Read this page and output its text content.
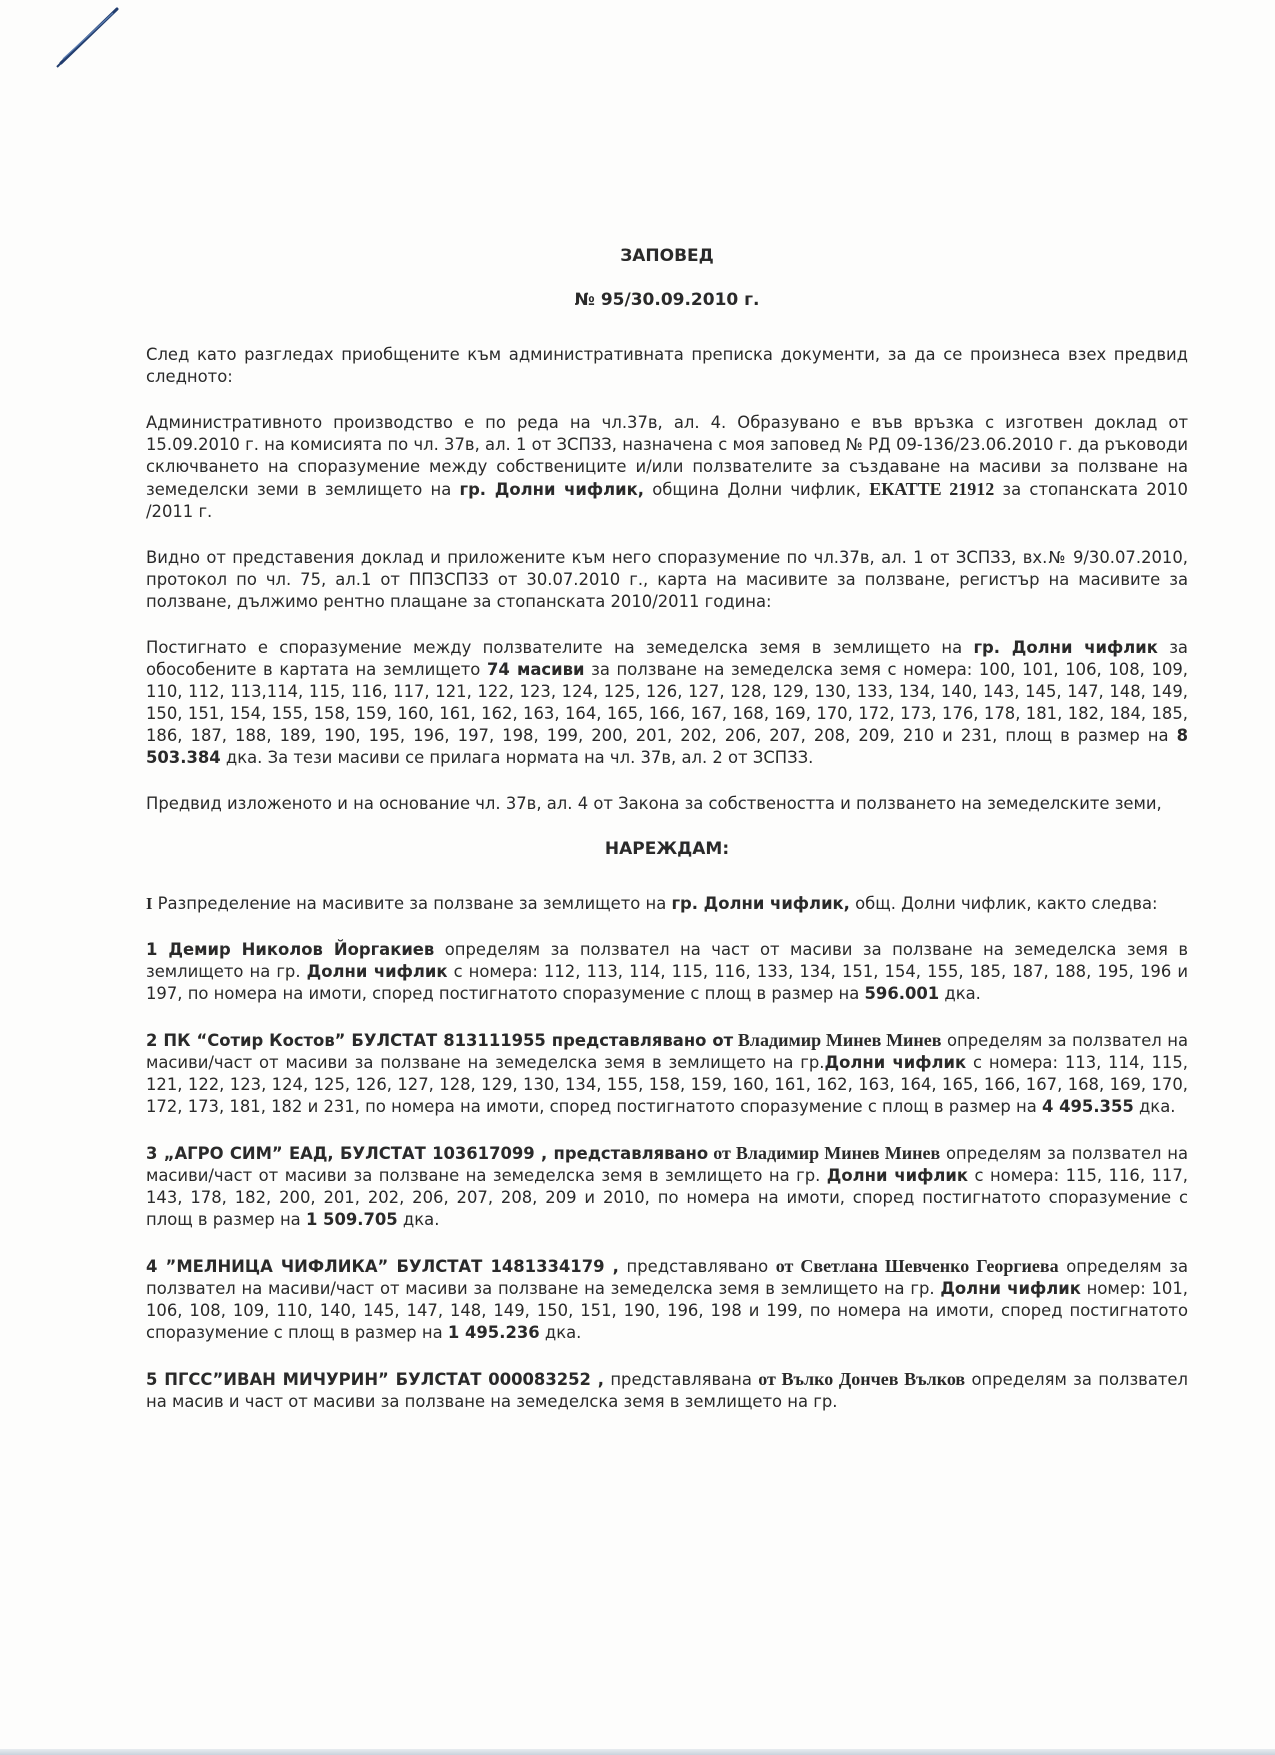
ЗАПОВЕД
№ 95/30.09.2010 г.

След като разгледах приобщените към административната преписка документи, за да се произнеса взех предвид следното:

Административното производство е по реда на чл.37в, ал. 4. Образувано е във връзка с изготвен доклад от 15.09.2010 г. на комисията по чл. 37в, ал. 1 от ЗСПЗЗ, назначена с моя заповед № РД 09-136/23.06.2010 г. да ръководи сключването на споразумение между собствениците и/или ползвателите за създаване на масиви за ползване на земеделски земи в землището на гр. Долни чифлик, община Долни чифлик, ЕКАТТЕ 21912 за стопанската 2010 /2011 г.

Видно от представения доклад и приложените към него споразумение по чл.37в, ал. 1 от ЗСПЗЗ, вх.№ 9/30.07.2010, протокол по чл. 75, ал.1 от ППЗСПЗЗ от 30.07.2010 г., карта на масивите за ползване, регистър на масивите за ползване, дължимо рентно плащане за стопанската 2010/2011 година:

Постигнато е споразумение между ползвателите на земеделска земя в землището на гр. Долни чифлик за обособените в картата на землището 74 масиви за ползване на земеделска земя с номера: 100, 101, 106, 108, 109, 110, 112, 113,114, 115, 116, 117, 121, 122, 123, 124, 125, 126, 127, 128, 129, 130, 133, 134, 140, 143, 145, 147, 148, 149, 150, 151, 154, 155, 158, 159, 160, 161, 162, 163, 164, 165, 166, 167, 168, 169, 170, 172, 173, 176, 178, 181, 182, 184, 185, 186, 187, 188, 189, 190, 195, 196, 197, 198, 199, 200, 201, 202, 206, 207, 208, 209, 210 и 231, площ в размер на 8 503.384 дка. За тези масиви се прилага нормата на чл. 37в, ал. 2 от ЗСПЗЗ.

Предвид изложеното и на основание чл. 37в, ал. 4 от Закона за собствеността и ползването на земеделските земи,

НАРЕЖДАМ:

I Разпределение на масивите за ползване за землището на гр. Долни чифлик, общ. Долни чифлик, както следва:

1 Демир Николов Йоргакиев определям за ползвател на част от масиви за ползване на земеделска земя в землището на гр. Долни чифлик с номера: 112, 113, 114, 115, 116, 133, 134, 151, 154, 155, 185, 187, 188, 195, 196 и 197, по номера на имоти, според постигнатото споразумение с площ в размер на 596.001 дка.

2 ПК “Сотир Костов” БУЛСТАТ 813111955 представлявано от Владимир Минев Минев определям за ползвател на масиви/част от масиви за ползване на земеделска земя в землището на гр.Долни чифлик с номера: 113, 114, 115, 121, 122, 123, 124, 125, 126, 127, 128, 129, 130, 134, 155, 158, 159, 160, 161, 162, 163, 164, 165, 166, 167, 168, 169, 170, 172, 173, 181, 182 и 231, по номера на имоти, според постигнатото споразумение с площ в размер на 4 495.355 дка.

3 „АГРО СИМ” ЕАД, БУЛСТАТ 103617099 , представлявано от Владимир Минев Минев определям за ползвател на масиви/част от масиви за ползване на земеделска земя в землището на гр. Долни чифлик с номера: 115, 116, 117, 143, 178, 182, 200, 201, 202, 206, 207, 208, 209 и 2010, по номера на имоти, според постигнатото споразумение с площ в размер на 1 509.705 дка.

4 ”МЕЛНИЦА ЧИФЛИКА” БУЛСТАТ 1481334179 , представлявано от Светлана Шевченко Георгиева определям за ползвател на масиви/част от масиви за ползване на земеделска земя в землището на гр. Долни чифлик номер: 101, 106, 108, 109, 110, 140, 145, 147, 148, 149, 150, 151, 190, 196, 198 и 199, по номера на имоти, според постигнатото споразумение с площ в размер на 1 495.236 дка.

5 ПГСС”ИВАН МИЧУРИН” БУЛСТАТ 000083252 , представлявана от Вълко Дончев Вълков определям за ползвател на масив и част от масиви за ползване на земеделска земя в землището на гр.
